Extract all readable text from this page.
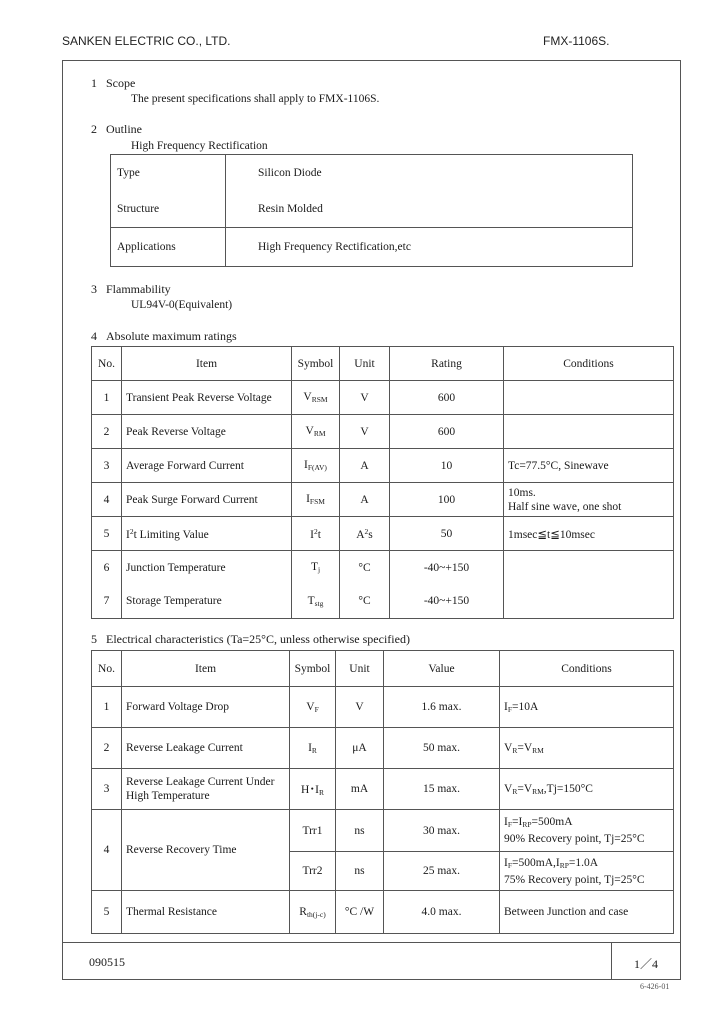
SANKEN ELECTRIC CO., LTD.	FMX-1106S.
1 Scope
The present specifications shall apply to FMX-1106S.
2 Outline
High Frequency Rectification
Type	Silicon Diode
Structure	Resin Molded
Applications	High Frequency Rectification,etc
3 Flammability
UL94V-0(Equivalent)
4 Absolute maximum ratings
No.	Item	Symbol	Unit	Rating	Conditions
1	Transient Peak Reverse Voltage	$V_{RSM}$	V	600	
2	Peak Reverse Voltage	$V_{RM}$	V	600	
3	Average Forward Current	$I_{F(AV)}$	A	10	Tc=77.5°C, Sinewave
4	Peak Surge Forward Current	$I_{FSM}$	A	100	10ms.
Half sine wave, one shot

5	$I^2t$ Limiting Value	$I^2t$	$A^2s$	50	1msec≦t≦10msec
6	Junction Temperature	$T_j$	°C	-40~+150	
7	Storage Temperature	$T_{stg}$	°C	-40~+150	
5 Electrical characteristics (Ta=25°C, unless otherwise specified)
No.	Item	Symbol	Unit	Value	Conditions
1	Forward Voltage Drop	$V_F$	V	1.6 max.	$I_F=10A$
2	Reverse Leakage Current	$I_R$	μA	50 max.	$V_R=V_{RM}$
3	Reverse Leakage Current Under
High Temperature	H･$I_R$	mA	15 max.	$V_R=V_{RM},Tj=150^\circ C$
4	Reverse Recovery Time	Trr1	ns	30 max.	$I_F=I_{RP}=500mA$
90% Recovery point, Tj=25°C

		Trr2	ns	25 max.	$I_F=500mA,I_{RP}=1.0A$
75% Recovery point, Tj=25°C

5	Thermal Resistance	$R_{th(j-c)}$	°C /W	4.0 max.	Between Junction and case
090515	1／4
6-426-01
